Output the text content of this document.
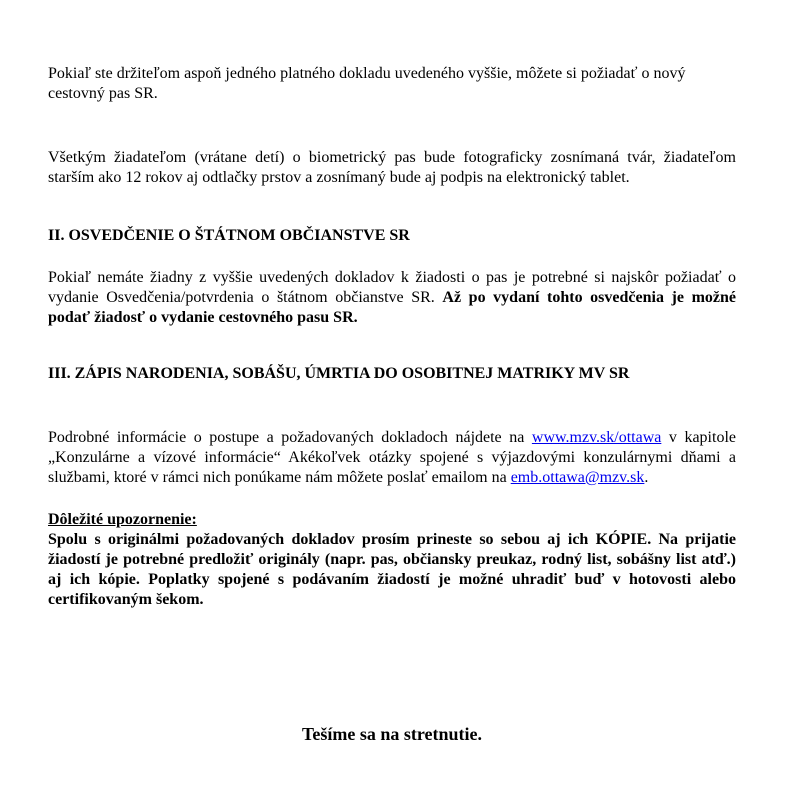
Pokiaľ ste držiteľom aspoň jedného platného dokladu uvedeného vyššie, môžete si požiadať o nový cestovný pas SR.

Všetkým žiadateľom (vrátane detí) o biometrický pas bude fotograficky zosnímaná tvár, žiadateľom starším ako 12 rokov aj odtlačky prstov a zosnímaný bude aj podpis na elektronický tablet.

II. OSVEDČENIE O ŠTÁTNOM OBČIANSTVE SR

Pokiaľ nemáte žiadny z vyššie uvedených dokladov k žiadosti o pas je potrebné si najskôr požiadať o vydanie Osvedčenia/potvrdenia o štátnom občianstve SR. Až po vydaní tohto osvedčenia je možné podať žiadosť o vydanie cestovného pasu SR.

III. ZÁPIS NARODENIA, SOBÁŠU, ÚMRTIA DO OSOBITNEJ MATRIKY MV SR

Podrobné informácie o postupe a požadovaných dokladoch nájdete na www.mzv.sk/ottawa v kapitole „Konzulárne a vízové informácie“ Akékoľvek otázky spojené s výjazdovými konzulárnymi dňami a službami, ktoré v rámci nich ponúkame nám môžete poslať emailom na emb.ottawa@mzv.sk.

Dôležité upozornenie:

Spolu s originálmi požadovaných dokladov prosím prineste so sebou aj ich KÓPIE. Na prijatie žiadostí je potrebné predložiť originály (napr. pas, občiansky preukaz, rodný list, sobášny list atď.) aj ich kópie. Poplatky spojené s podávaním žiadostí je možné uhradiť buď v hotovosti alebo certifikovaným šekom.

Tešíme sa na stretnutie.
